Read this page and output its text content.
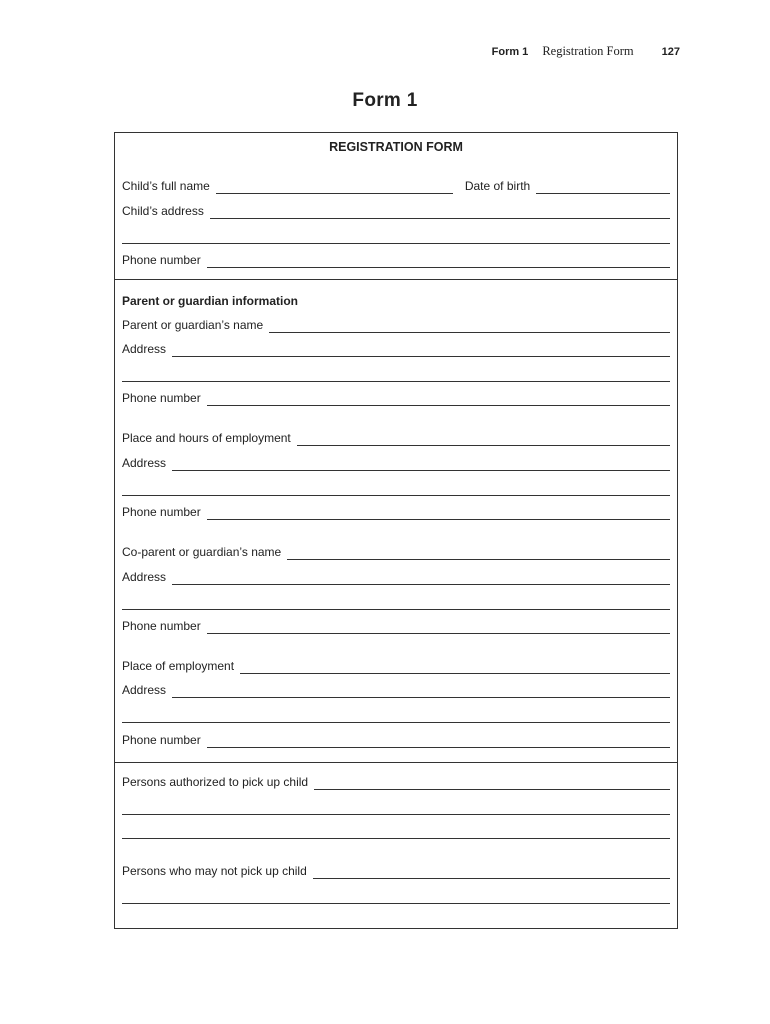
Form 1 Registration Form	127
Form 1
REGISTRATION FORM
Child’s full name	Date of birth
Child’s address
Phone number
Parent or guardian information
Parent or guardian’s name
Address
Phone number
Place and hours of employment
Address
Phone number
Co-parent or guardian’s name
Address
Phone number
Place of employment
Address
Phone number
Persons authorized to pick up child
Persons who may not pick up child
